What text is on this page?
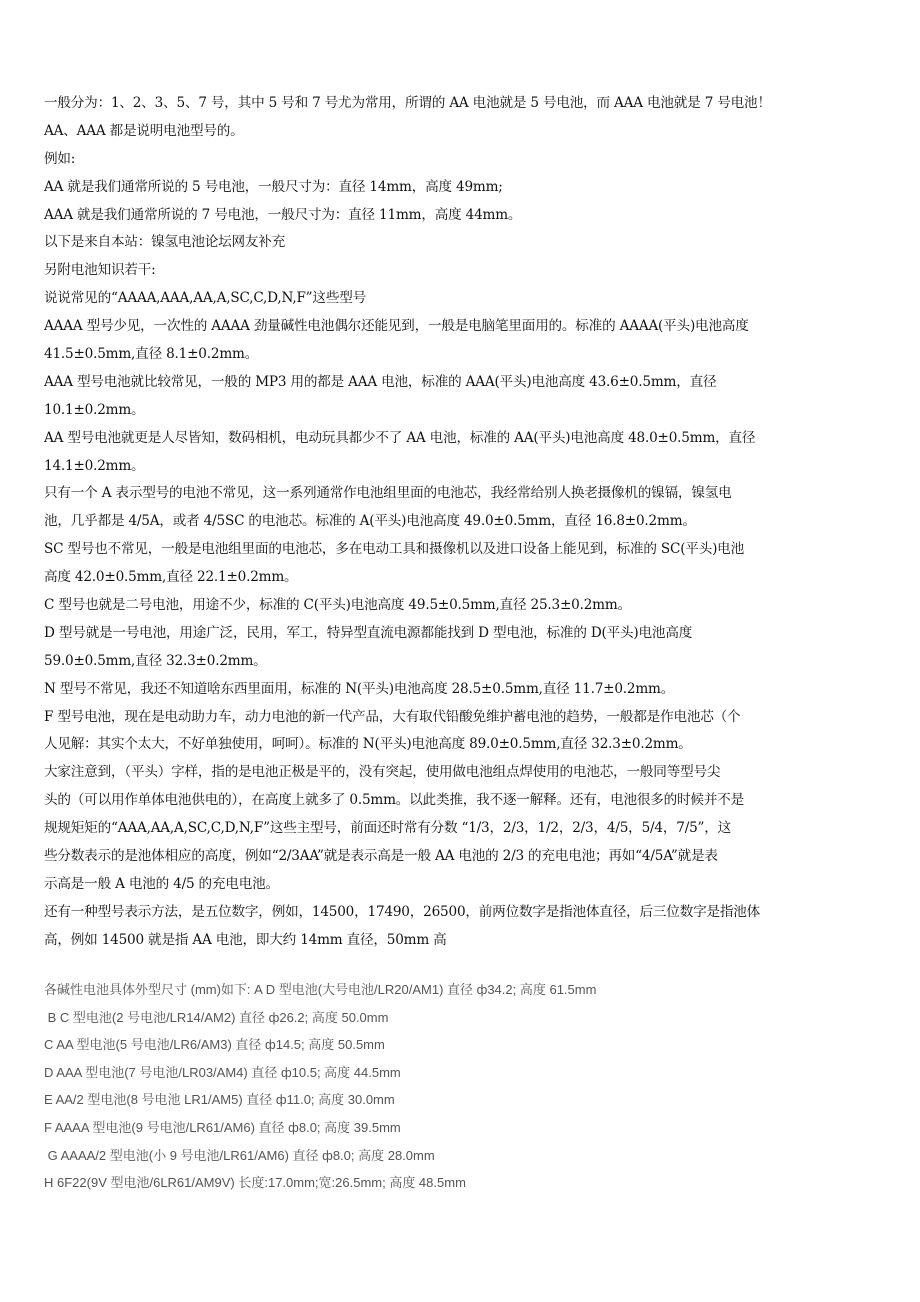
一般分为：1、2、3、5、7 号，其中 5 号和 7 号尤为常用，所谓的 AA 电池就是 5 号电池，而 AAA 电池就是 7 号电池！
AA、AAA 都是说明电池型号的。
例如:
AA 就是我们通常所说的 5 号电池，一般尺寸为：直径 14mm，高度 49mm;
AAA 就是我们通常所说的 7 号电池，一般尺寸为：直径 11mm，高度 44mm。
以下是来自本站：镍氢电池论坛网友补充
另附电池知识若干:
说说常见的“AAAA,AAA,AA,A,SC,C,D,N,F”这些型号
AAAA 型号少见，一次性的 AAAA 劲量碱性电池偶尔还能见到，一般是电脑笔里面用的。标准的 AAAA(平头)电池高度
41.5±0.5mm,直径 8.1±0.2mm。
AAA 型号电池就比较常见，一般的 MP3 用的都是 AAA 电池，标准的 AAA(平头)电池高度 43.6±0.5mm，直径
10.1±0.2mm。
AA 型号电池就更是人尽皆知，数码相机，电动玩具都少不了 AA 电池，标准的 AA(平头)电池高度 48.0±0.5mm，直径
14.1±0.2mm。
只有一个 A 表示型号的电池不常见，这一系列通常作电池组里面的电池芯，我经常给别人换老摄像机的镍镉，镍氢电
池，几乎都是 4/5A，或者 4/5SC 的电池芯。标准的 A(平头)电池高度 49.0±0.5mm，直径 16.8±0.2mm。
SC 型号也不常见，一般是电池组里面的电池芯，多在电动工具和摄像机以及进口设备上能见到，标准的 SC(平头)电池
高度 42.0±0.5mm,直径 22.1±0.2mm。
C 型号也就是二号电池，用途不少，标准的 C(平头)电池高度 49.5±0.5mm,直径 25.3±0.2mm。
D 型号就是一号电池，用途广泛，民用，军工，特异型直流电源都能找到 D 型电池，标准的 D(平头)电池高度
59.0±0.5mm,直径 32.3±0.2mm。
N 型号不常见，我还不知道啥东西里面用，标准的 N(平头)电池高度 28.5±0.5mm,直径 11.7±0.2mm。
F 型号电池，现在是电动助力车，动力电池的新一代产品，大有取代铅酸免维护蓄电池的趋势，一般都是作电池芯（个
人见解：其实个太大，不好单独使用，呵呵）。标准的 N(平头)电池高度 89.0±0.5mm,直径 32.3±0.2mm。
大家注意到，（平头）字样，指的是电池正极是平的，没有突起，使用做电池组点焊使用的电池芯，一般同等型号尖
头的（可以用作单体电池供电的），在高度上就多了 0.5mm。以此类推，我不逐一解释。还有，电池很多的时候并不是
规规矩矩的“AAA,AA,A,SC,C,D,N,F”这些主型号，前面还时常有分数 “1/3，2/3，1/2，2/3，4/5，5/4，7/5”，这
些分数表示的是池体相应的高度，例如“2/3AA”就是表示高是一般 AA 电池的 2/3 的充电电池；再如“4/5A”就是表
示高是一般 A 电池的 4/5 的充电电池。
还有一种型号表示方法，是五位数字，例如，14500，17490，26500，前两位数字是指池体直径，后三位数字是指池体
高，例如 14500 就是指 AA 电池，即大约 14mm 直径，50mm 高
各碱性电池具体外型尺寸 (mm)如下: A D 型电池(大号电池/LR20/AM1) 直径 ф34.2; 高度 61.5mm
B C 型电池(2 号电池/LR14/AM2) 直径 ф26.2; 高度 50.0mm
C AA 型电池(5 号电池/LR6/AM3) 直径 ф14.5; 高度 50.5mm
D AAA 型电池(7 号电池/LR03/AM4) 直径 ф10.5; 高度 44.5mm
E AA/2 型电池(8 号电池 LR1/AM5) 直径 ф11.0; 高度 30.0mm
F AAAA 型电池(9 号电池/LR61/AM6) 直径 ф8.0; 高度 39.5mm
G AAAA/2 型电池(小 9 号电池/LR61/AM6) 直径 ф8.0; 高度 28.0mm
H 6F22(9V 型电池/6LR61/AM9V) 长度:17.0mm;宽:26.5mm; 高度 48.5mm
